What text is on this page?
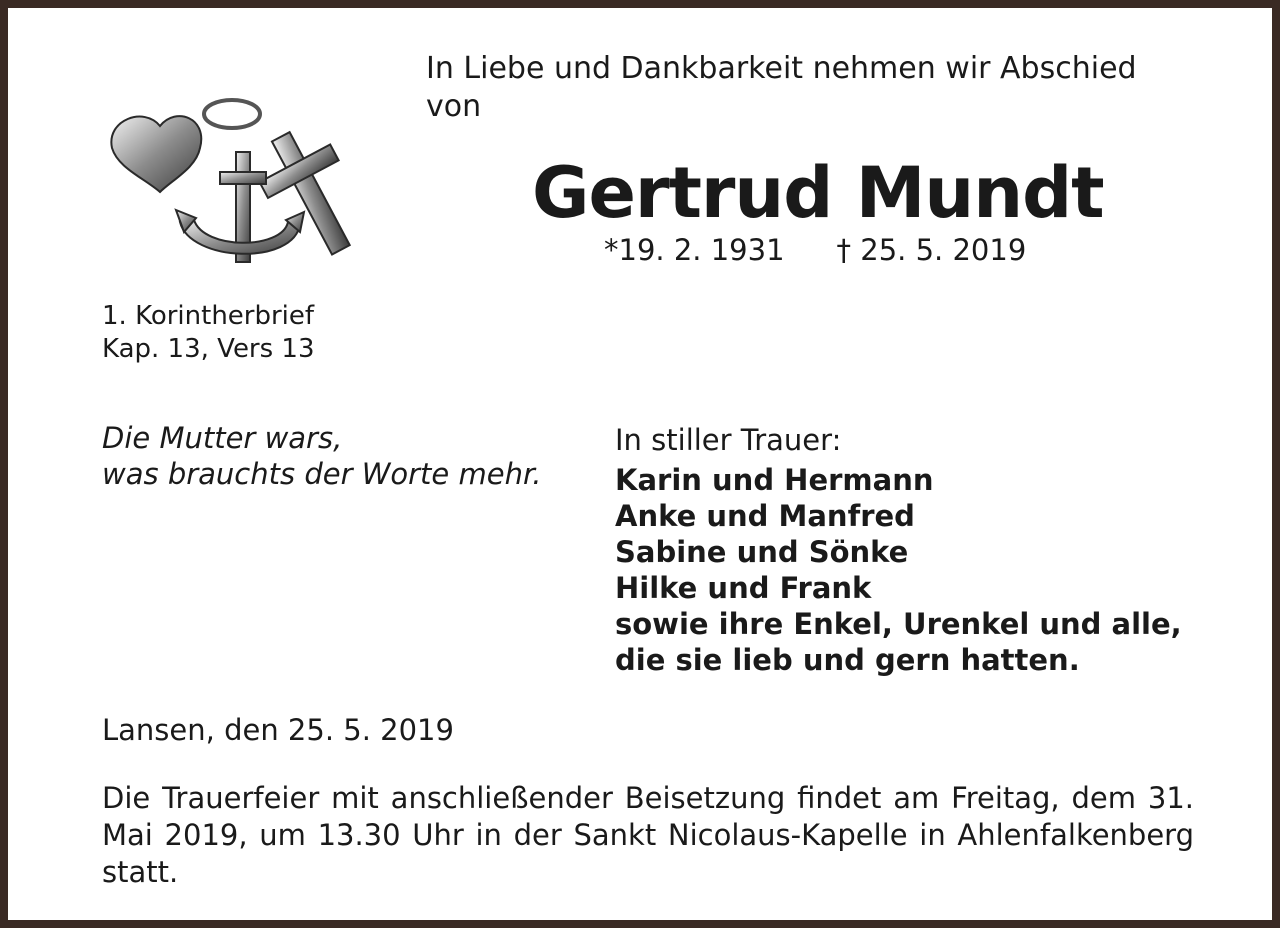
In Liebe und Dankbarkeit nehmen wir Abschied
von
Gertrud Mundt
*19. 2. 1931 † 25. 5. 2019
1. Korintherbrief
Kap. 13, Vers 13
Die Mutter wars,
was brauchts der Worte mehr.
In stiller Trauer:
Karin und Hermann
Anke und Manfred
Sabine und Sönke
Hilke und Frank
sowie ihre Enkel, Urenkel und alle,
die sie lieb und gern hatten.
Lansen, den 25. 5. 2019
Die Trauerfeier mit anschließender Beisetzung findet am Freitag, dem 31. Mai 2019, um 13.30 Uhr in der Sankt Nicolaus-Kapelle in Ahlenfalkenberg statt.
